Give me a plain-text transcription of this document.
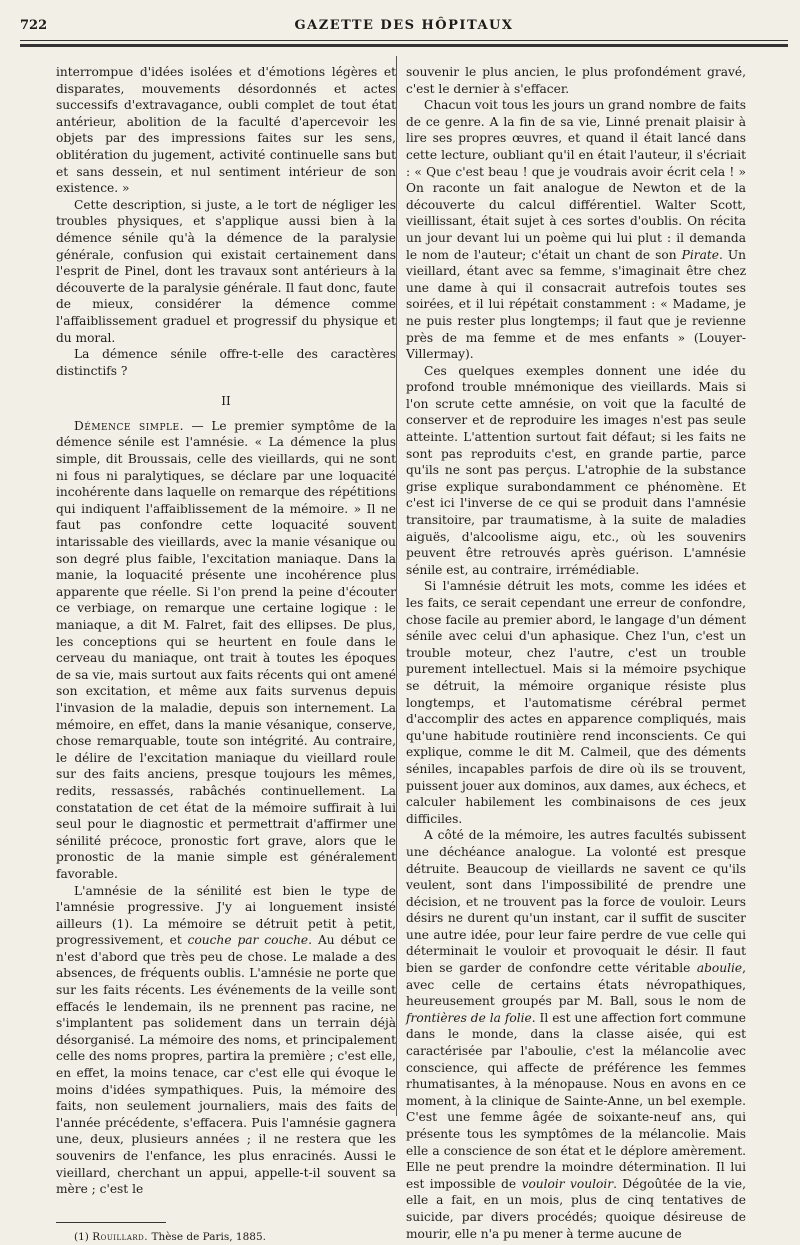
722	GAZETTE DES HÔPITAUX

interrompue d'idées isolées et d'émotions légères et disparates, mouvements désordonnés et actes successifs d'extravagance, oubli complet de tout état antérieur, abolition de la faculté d'apercevoir les objets par des impressions faites sur les sens, oblitération du jugement, activité continuelle sans but et sans dessein, et nul sentiment intérieur de son existence. »

Cette description, si juste, a le tort de négliger les troubles physiques, et s'applique aussi bien à la démence sénile qu'à la démence de la paralysie générale, confusion qui existait certainement dans l'esprit de Pinel, dont les travaux sont antérieurs à la découverte de la paralysie générale. Il faut donc, faute de mieux, considérer la démence comme l'affaiblissement graduel et progressif du physique et du moral.

La démence sénile offre-t-elle des caractères distinctifs ?

II

Démence simple. — Le premier symptôme de la démence sénile est l'amnésie. « La démence la plus simple, dit Broussais, celle des vieillards, qui ne sont ni fous ni paralytiques, se déclare par une loquacité incohérente dans laquelle on remarque des répétitions qui indiquent l'affaiblissement de la mémoire. » Il ne faut pas confondre cette loquacité souvent intarissable des vieillards, avec la manie vésanique ou son degré plus faible, l'excitation maniaque. Dans la manie, la loquacité présente une incohérence plus apparente que réelle. Si l'on prend la peine d'écouter ce verbiage, on remarque une certaine logique : le maniaque, a dit M. Falret, fait des ellipses. De plus, les conceptions qui se heurtent en foule dans le cerveau du maniaque, ont trait à toutes les époques de sa vie, mais surtout aux faits récents qui ont amené son excitation, et même aux faits survenus depuis l'invasion de la maladie, depuis son internement. La mémoire, en effet, dans la manie vésanique, conserve, chose remarquable, toute son intégrité. Au contraire, le délire de l'excitation maniaque du vieillard roule sur des faits anciens, presque toujours les mêmes, redits, ressassés, rabâchés continuellement. La constatation de cet état de la mémoire suffirait à lui seul pour le diagnostic et permettrait d'affirmer une sénilité précoce, pronostic fort grave, alors que le pronostic de la manie simple est généralement favorable.

L'amnésie de la sénilité est bien le type de l'amnésie progressive. J'y ai longuement insisté ailleurs (1). La mémoire se détruit petit à petit, progressivement, et couche par couche. Au début ce n'est d'abord que très peu de chose. Le malade a des absences, de fréquents oublis. L'amnésie ne porte que sur les faits récents. Les événements de la veille sont effacés le lendemain, ils ne prennent pas racine, ne s'implantent pas solidement dans un terrain déjà désorganisé. La mémoire des noms, et principalement celle des noms propres, partira la première ; c'est elle, en effet, la moins tenace, car c'est elle qui évoque le moins d'idées sympathiques. Puis, la mémoire des faits, non seulement journaliers, mais des faits de l'année précédente, s'effacera. Puis l'amnésie gagnera une, deux, plusieurs années ; il ne restera que les souvenirs de l'enfance, les plus enracinés. Aussi le vieillard, cherchant un appui, appelle-t-il souvent sa mère ; c'est le

(1) Rouillard. Thèse de Paris, 1885.

souvenir le plus ancien, le plus profondément gravé, c'est le dernier à s'effacer.

Chacun voit tous les jours un grand nombre de faits de ce genre. A la fin de sa vie, Linné prenait plaisir à lire ses propres œuvres, et quand il était lancé dans cette lecture, oubliant qu'il en était l'auteur, il s'écriait : « Que c'est beau ! que je voudrais avoir écrit cela ! » On raconte un fait analogue de Newton et de la découverte du calcul différentiel. Walter Scott, vieillissant, était sujet à ces sortes d'oublis. On récita un jour devant lui un poème qui lui plut : il demanda le nom de l'auteur; c'était un chant de son Pirate. Un vieillard, étant avec sa femme, s'imaginait être chez une dame à qui il consacrait autrefois toutes ses soirées, et il lui répétait constamment : « Madame, je ne puis rester plus longtemps; il faut que je revienne près de ma femme et de mes enfants » (Louyer-Villermay).

Ces quelques exemples donnent une idée du profond trouble mnémonique des vieillards. Mais si l'on scrute cette amnésie, on voit que la faculté de conserver et de reproduire les images n'est pas seule atteinte. L'attention surtout fait défaut; si les faits ne sont pas reproduits c'est, en grande partie, parce qu'ils ne sont pas perçus. L'atrophie de la substance grise explique surabondamment ce phénomène. Et c'est ici l'inverse de ce qui se produit dans l'amnésie transitoire, par traumatisme, à la suite de maladies aiguës, d'alcoolisme aigu, etc., où les souvenirs peuvent être retrouvés après guérison. L'amnésie sénile est, au contraire, irrémédiable.

Si l'amnésie détruit les mots, comme les idées et les faits, ce serait cependant une erreur de confondre, chose facile au premier abord, le langage d'un dément sénile avec celui d'un aphasique. Chez l'un, c'est un trouble moteur, chez l'autre, c'est un trouble purement intellectuel. Mais si la mémoire psychique se détruit, la mémoire organique résiste plus longtemps, et l'automatisme cérébral permet d'accomplir des actes en apparence compliqués, mais qu'une habitude routinière rend inconscients. Ce qui explique, comme le dit M. Calmeil, que des déments séniles, incapables parfois de dire où ils se trouvent, puissent jouer aux dominos, aux dames, aux échecs, et calculer habilement les combinaisons de ces jeux difficiles.

A côté de la mémoire, les autres facultés subissent une déchéance analogue. La volonté est presque détruite. Beaucoup de vieillards ne savent ce qu'ils veulent, sont dans l'impossibilité de prendre une décision, et ne trouvent pas la force de vouloir. Leurs désirs ne durent qu'un instant, car il suffit de susciter une autre idée, pour leur faire perdre de vue celle qui déterminait le vouloir et provoquait le désir. Il faut bien se garder de confondre cette véritable aboulie, avec celle de certains états névropathiques, heureusement groupés par M. Ball, sous le nom de frontières de la folie. Il est une affection fort commune dans le monde, dans la classe aisée, qui est caractérisée par l'aboulie, c'est la mélancolie avec conscience, qui affecte de préférence les femmes rhumatisantes, à la ménopause. Nous en avons en ce moment, à la clinique de Sainte-Anne, un bel exemple. C'est une femme âgée de soixante-neuf ans, qui présente tous les symptômes de la mélancolie. Mais elle a conscience de son état et le déplore amèrement. Elle ne peut prendre la moindre détermination. Il lui est impossible de vouloir vouloir. Dégoûtée de la vie, elle a fait, en un mois, plus de cinq tentatives de suicide, par divers procédés; quoique désireuse de mourir, elle n'a pu mener à terme aucune de
